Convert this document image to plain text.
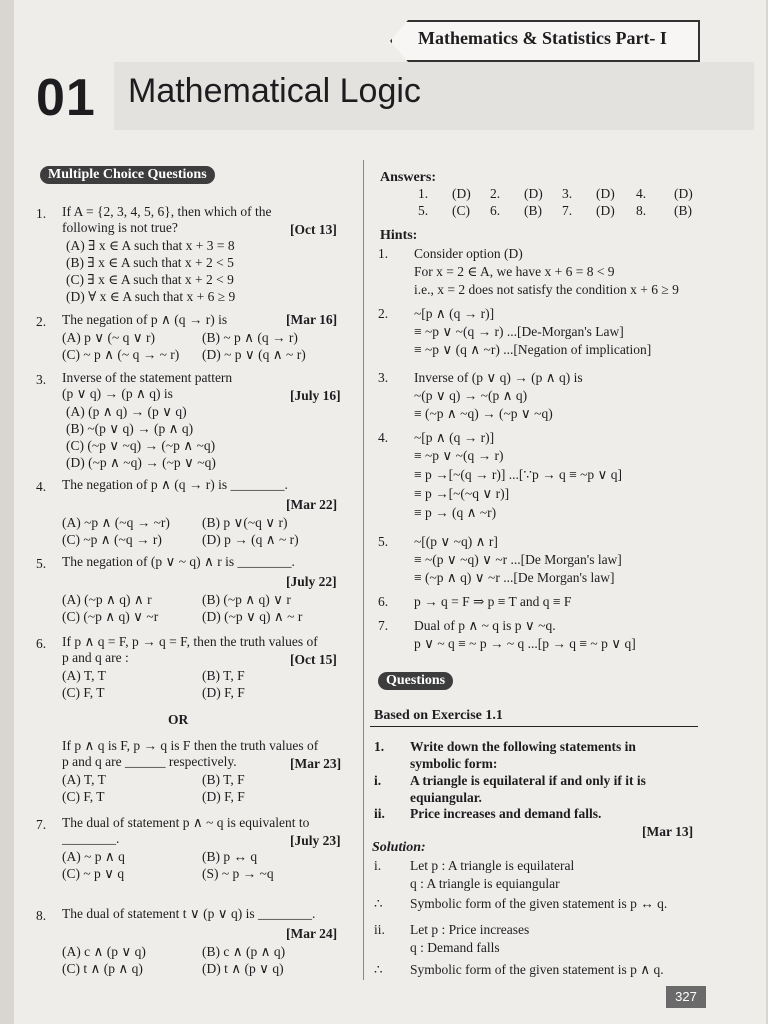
Mathematics & Statistics Part- I
01 Mathematical Logic
Multiple Choice Questions
1. If A = {2, 3, 4, 5, 6}, then which of the
following is not true?	[Oct 13]
(A) ∃ x ∈ A such that x + 3 = 8
(B) ∃ x ∈ A such that x + 2 < 5
(C) ∃ x ∈ A such that x + 2 < 9
(D) ∀ x ∈ A such that x + 6 ≥ 9
2. The negation of p ∧ (q → r) is	[Mar 16]
(A) p ∨ (~ q ∨ r)	(B) ~ p ∧ (q → r)
(C) ~ p ∧ (~ q → ~ r) (D) ~ p ∨ (q ∧ ~ r)
3. Inverse of the statement pattern
(p ∨ q) → (p ∧ q) is	[July 16]
(A) (p ∧ q) → (p ∨ q)
(B) ~(p ∨ q) → (p ∧ q)
(C) (~p ∨ ~q) → (~p ∧ ~q)
(D) (~p ∧ ~q) → (~p ∨ ~q)
4. The negation of p ∧ (q → r) is ________.
[Mar 22]
(A) ~p ∧ (~q → ~r) (B) p ∨(~q ∨ r)
(C) ~p ∧ (~q → r)	(D) p → (q ∧ ~ r)
5. The negation of (p ∨ ~ q) ∧ r is ________.
[July 22]
(A) (~p ∧ q) ∧ r	(B) (~p ∧ q) ∨ r
(C) (~p ∧ q) ∨ ~r	(D) (~p ∨ q) ∧ ~ r
6. If p ∧ q = F, p → q = F, then the truth values of
p and q are :	[Oct 15]
(A) T, T	(B) T, F
(C) F, T	(D) F, F
OR
If p ∧ q is F, p → q is F then the truth values of
p and q are ______ respectively.	[Mar 23]
(A) T, T	(B) T, F
(C) F, T	(D) F, F
7. The dual of statement p ∧ ~ q is equivalent to
________.	[July 23]
(A) ~ p ∧ q	(B) p ↔ q
(C) ~ p ∨ q	(S) ~ p → ~q
8. The dual of statement t ∨ (p ∨ q) is ________.
[Mar 24]
(A) c ∧ (p ∨ q)	(B) c ∧ (p ∧ q)
(C) t ∧ (p ∧ q)	(D) t ∧ (p ∨ q)
Answers:
1. (D) 2. (D) 3. (D) 4. (D)
5. (C) 6. (B) 7. (D) 8. (B)
Hints:
1. Consider option (D)
For x = 2 ∈ A, we have x + 6 = 8 < 9
i.e., x = 2 does not satisfy the condition x + 6 ≥ 9
2. ~[p ∧ (q → r)]
≡ ~p ∨ ~(q → r) ...[De-Morgan's Law]
≡ ~p ∨ (q ∧ ~r) ...[Negation of implication]
3. Inverse of (p ∨ q) → (p ∧ q) is
~(p ∨ q) → ~(p ∧ q)
≡ (~p ∧ ~q) → (~p ∨ ~q)
4. ~[p ∧ (q → r)]
≡ ~p ∨ ~(q → r)
≡ p →[~(q → r)] ...[∵p → q ≡ ~p ∨ q]
≡ p →[~(~q ∨ r)]
≡ p → (q ∧ ~r)
5. ~[(p ∨ ~q) ∧ r]
≡ ~(p ∨ ~q) ∨ ~r ...[De Morgan's law]
≡ (~p ∧ q) ∨ ~r ...[De Morgan's law]
6. p → q = F ⇒ p ≡ T and q ≡ F
7. Dual of p ∧ ~ q is p ∨ ~q.
p ∨ ~ q ≡ ~ p → ~ q ...[p → q ≡ ~ p ∨ q]
Questions
Based on Exercise 1.1
1. Write down the following statements in
symbolic form:
i. A triangle is equilateral if and only if it is
equiangular.
ii. Price increases and demand falls.
[Mar 13]
Solution:
i. Let p : A triangle is equilateral
q : A triangle is equiangular
∴ Symbolic form of the given statement is p ↔ q.
ii. Let p : Price increases
q : Demand falls
∴ Symbolic form of the given statement is p ∧ q.
327
